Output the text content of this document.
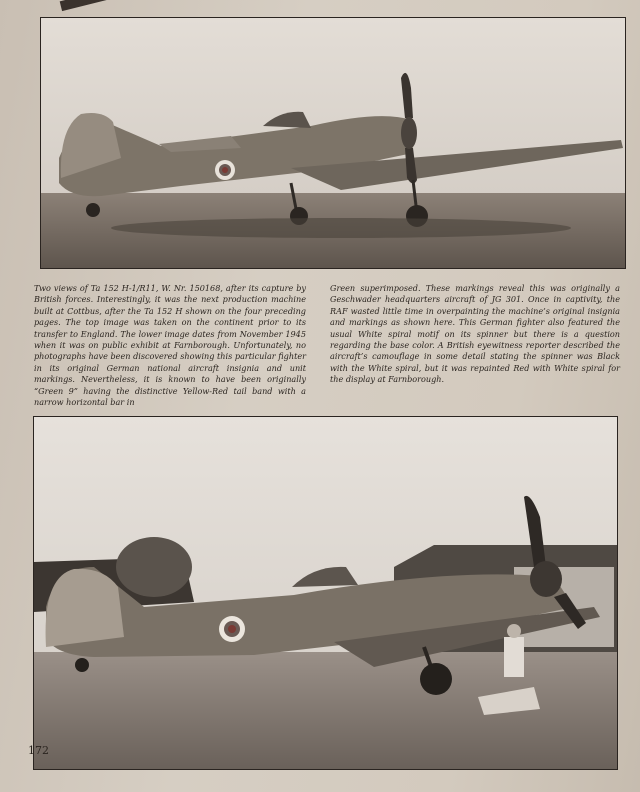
Two views of Ta 152 H-1/R11, W. Nr. 150168, after its capture by British forces. Interestingly, it was the next production machine built at Cottbus, after the Ta 152 H shown on the four preceding pages. The top image was taken on the continent prior to its transfer to England. The lower image dates from November 1945 when it was on public exhibit at Farnborough. Unfortunately, no photographs have been discovered showing this particular fighter in its original German national aircraft insignia and unit markings. Nevertheless, it is known to have been originally “Green 9” having the distinctive Yellow-Red tail band with a narrow horizontal bar in

Green superimposed. These markings reveal this was originally a Geschwader headquarters aircraft of JG 301. Once in captivity, the RAF wasted little time in overpainting the machine’s original insignia and markings as shown here. This German fighter also featured the usual White spiral motif on its spinner but there is a question regarding the base color. A British eyewitness reporter described the aircraft’s camouflage in some detail stating the spinner was Black with the White spiral, but it was repainted Red with White spiral for the display at Farnborough.

172
